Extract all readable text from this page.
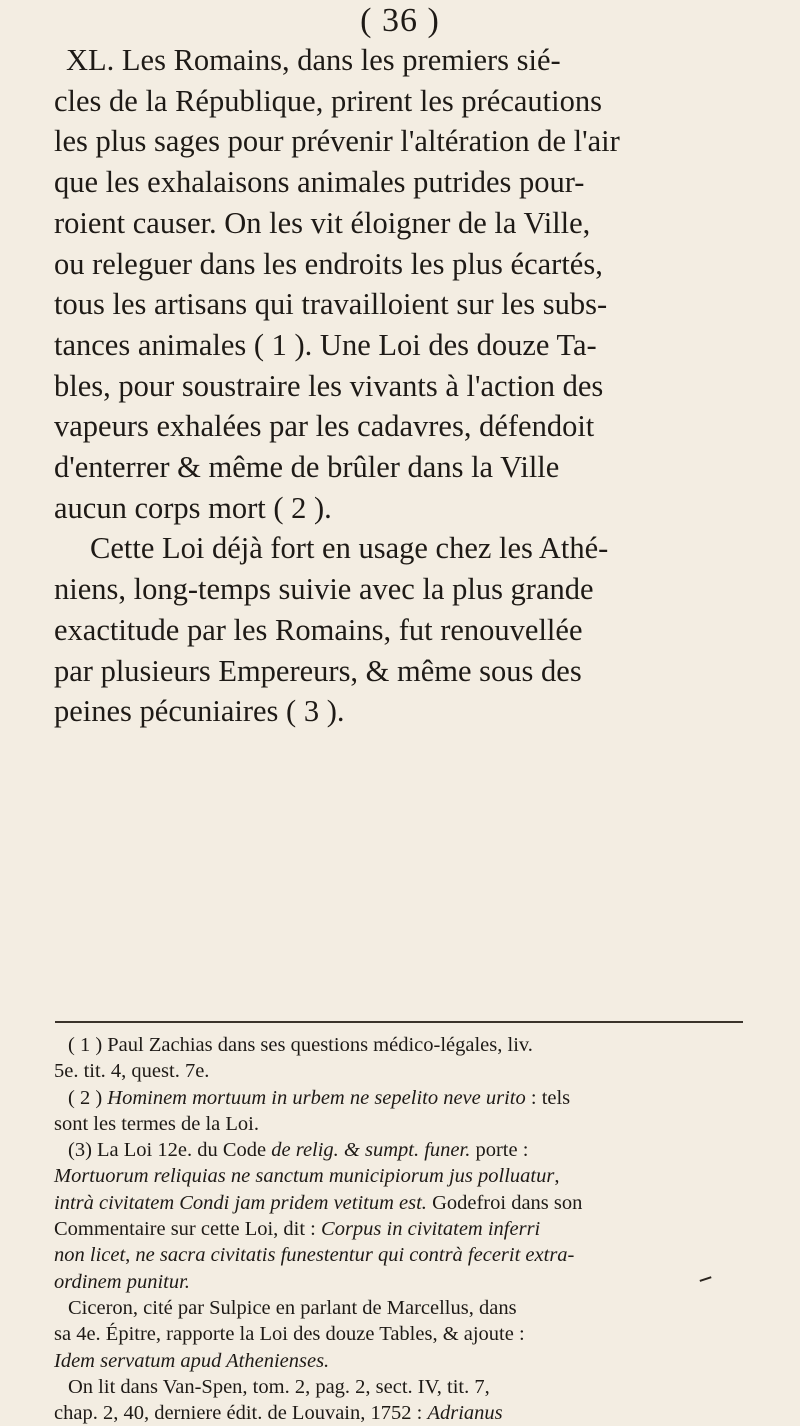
( 36 )
XL. Les Romains, dans les premiers sié-
cles de la République, prirent les précautions
les plus sages pour prévenir l'altération de l'air
que les exhalaisons animales putrides pour-
roient causer. On les vit éloigner de la Ville,
ou releguer dans les endroits les plus écartés,
tous les artisans qui travailloient sur les subs-
tances animales ( 1 ). Une Loi des douze Ta-
bles, pour soustraire les vivants à l'action des
vapeurs exhalées par les cadavres, défendoit
d'enterrer & même de brûler dans la Ville
aucun corps mort ( 2 ).
Cette Loi déjà fort en usage chez les Athé-
niens, long-temps suivie avec la plus grande
exactitude par les Romains, fut renouvellée
par plusieurs Empereurs, & même sous des
peines pécuniaires ( 3 ).
( 1 ) Paul Zachias dans ses questions médico-légales, liv.
5e. tit. 4, quest. 7e.
( 2 ) Hominem mortuum in urbem ne sepelito neve urito : tels
sont les termes de la Loi.
(3) La Loi 12e. du Code de relig. & sumpt. funer. porte :
Mortuorum reliquias ne sanctum municipiorum jus polluatur,
intrà civitatem Condi jam pridem vetitum est. Godefroi dans son
Commentaire sur cette Loi, dit : Corpus in civitatem inferri
non licet, ne sacra civitatis funestentur qui contrà fecerit extra-
ordinem punitur.
Ciceron, cité par Sulpice en parlant de Marcellus, dans
sa 4e. Épitre, rapporte la Loi des douze Tables, & ajoute :
Idem servatum apud Athenienses.
On lit dans Van-Spen, tom. 2, pag. 2, sect. IV, tit. 7,
chap. 2, 40, derniere édit. de Louvain, 1752 : Adrianus
